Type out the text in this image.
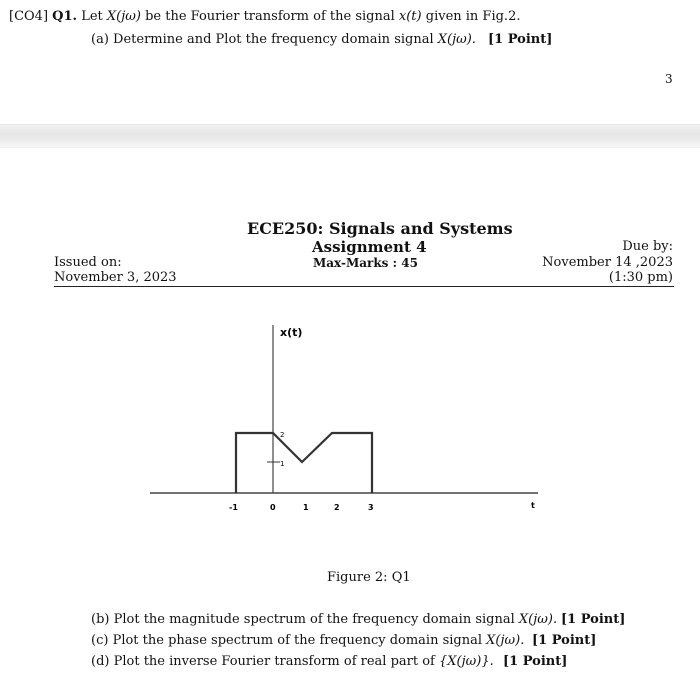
[CO4] Q1. Let X(jω) be the Fourier transform of the signal x(t) given in Fig.2.
(a) Determine and Plot the frequency domain signal X(jω). [1 Point]
3
ECE250: Signals and Systems
Assignment 4
Max-Marks : 45
Issued on:
November 3, 2023
Due by:
November 14 ,2023
(1:30 pm)
x(t)
2
1
-1	0	1	2	3	t
Figure 2: Q1
(b) Plot the magnitude spectrum of the frequency domain signal X(jω). [1 Point]
(c) Plot the phase spectrum of the frequency domain signal X(jω). [1 Point]
(d) Plot the inverse Fourier transform of real part of {X(jω)}. [1 Point]
